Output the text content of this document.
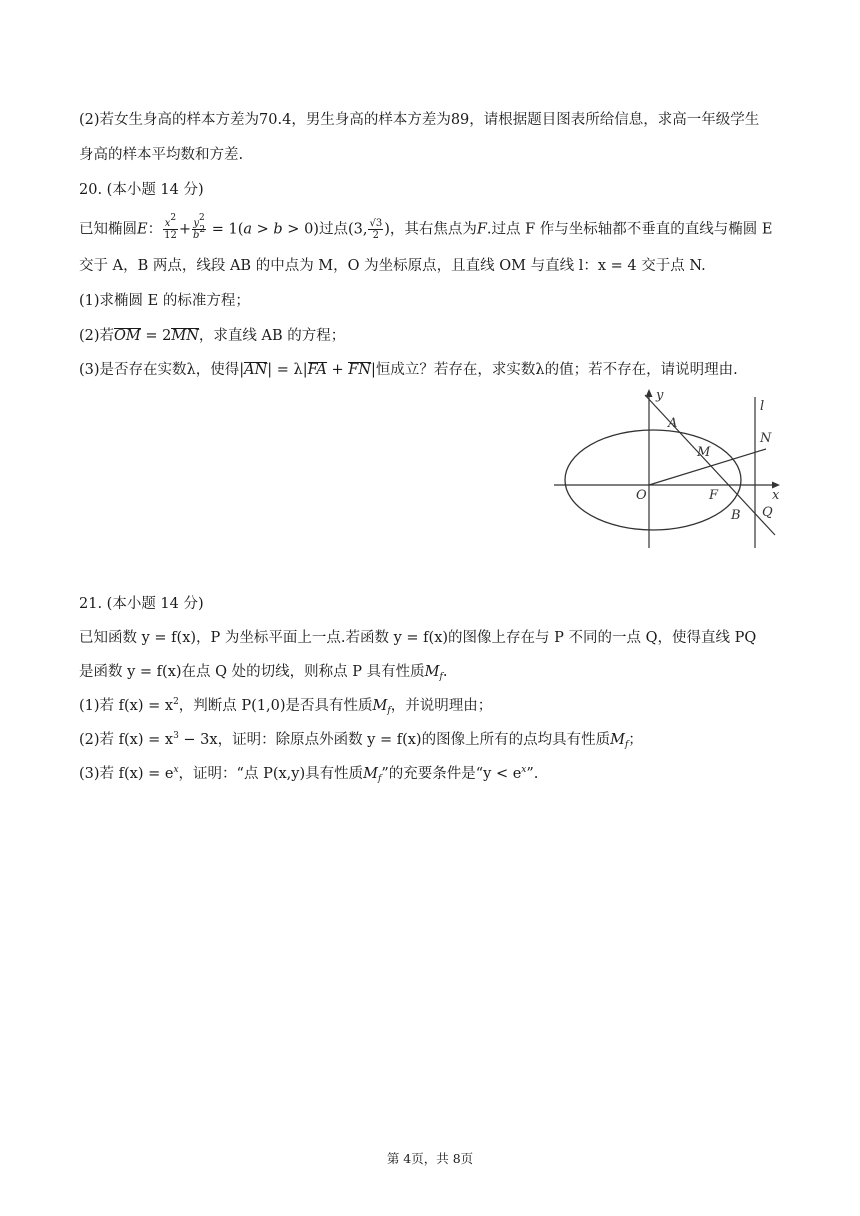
(2)若女生身高的样本方差为70.4，男生身高的样本方差为89，请根据题目图表所给信息，求高一年级学生
身高的样本平均数和方差.
20. (本小题 14 分)
已知椭圆E： $\frac{x^2}{12} + \frac{y^2}{b^2} = 1(a > b > 0)$过点(3, $\frac{√3}{2}$ )，其右焦点为F.过点 F 作与坐标轴都不垂直的直线与椭圆 E
交于 A，B 两点，线段 AB 的中点为 M，O 为坐标原点，且直线 OM 与直线 l：x = 4 交于点 N.
(1)求椭圆 E 的标准方程；
(2)若OM = 2MN，求直线 AB 的方程；
(3)是否存在实数λ，使得|AN| = λ|FA + FN|恒成立？若存在，求实数λ的值；若不存在，请说明理由.
y
l
A
N
M
O	F	x
B Q
21. (本小题 14 分)
已知函数 y = f(x)，P 为坐标平面上一点.若函数 y = f(x)的图像上存在与 P 不同的一点 Q，使得直线 PQ
是函数 y = f(x)在点 Q 处的切线，则称点 P 具有性质$M_f$.
(1)若 $f(x) = x^2$，判断点 P(1,0)是否具有性质$M_f$，并说明理由；
(2)若 $f(x) = x^3 - 3x$，证明：除原点外函数 y = f(x)的图像上所有的点均具有性质$M_f$；
(3)若 $f(x) = e^x$，证明：“点 P(x,y)具有性质$M_f$”的充要条件是“$y < e^x$”.
第 4页，共 8页
